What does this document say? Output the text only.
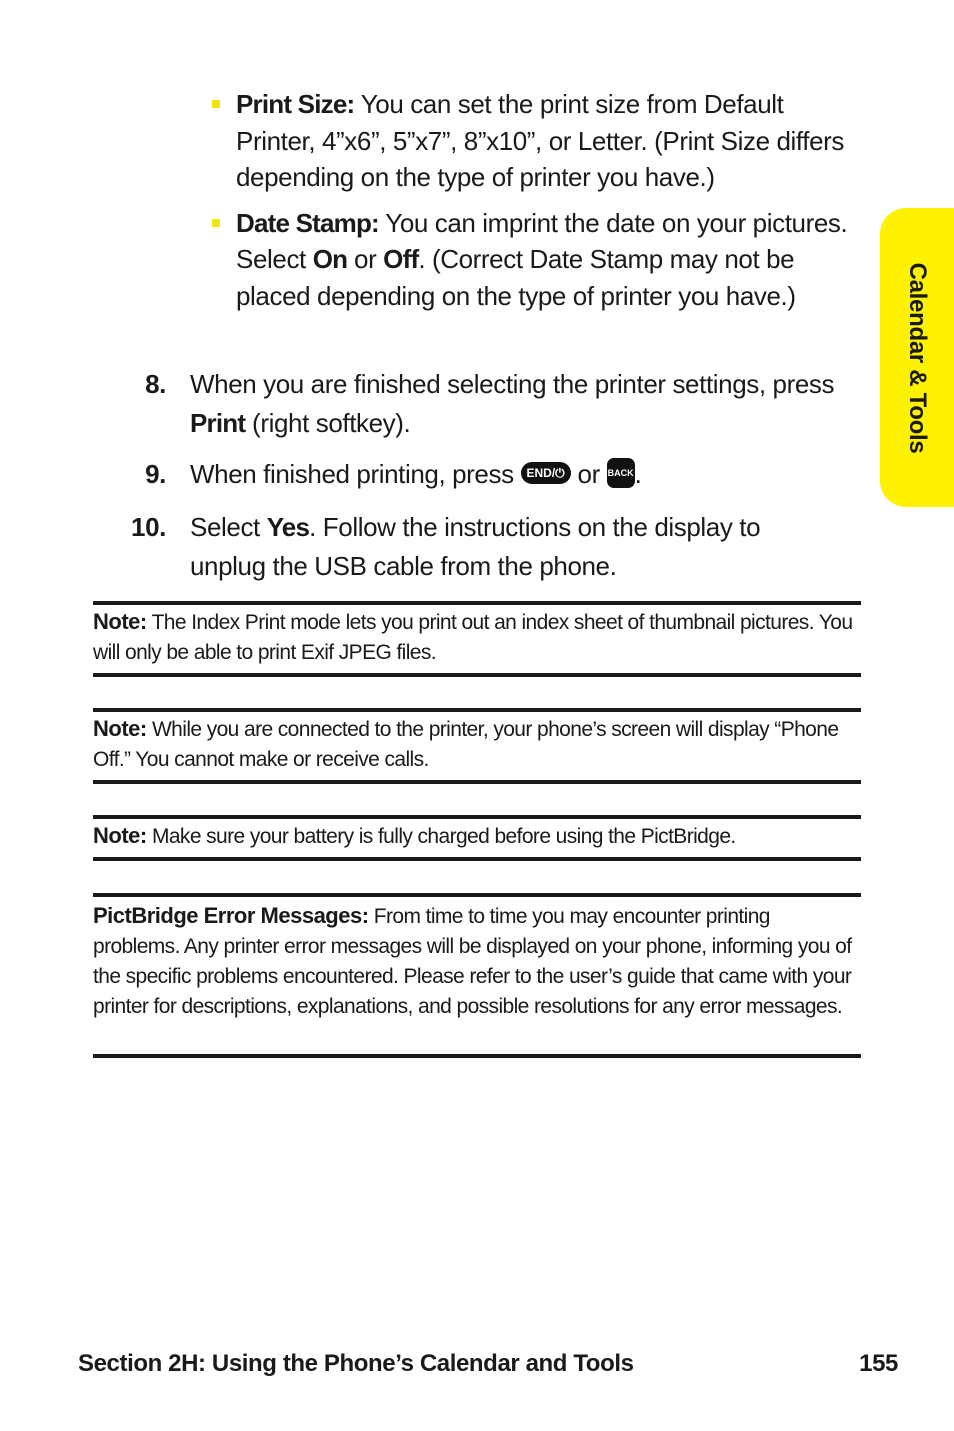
Print Size: You can set the print size from Default Printer, 4”x6”, 5”x7”, 8”x10”, or Letter. (Print Size differs depending on the type of printer you have.)
Date Stamp: You can imprint the date on your pictures. Select On or Off. (Correct Date Stamp may not be placed depending on the type of printer you have.)
8. When you are finished selecting the printer settings, press Print (right softkey).
9. When finished printing, press END/⏻ or BACK.
10. Select Yes. Follow the instructions on the display to unplug the USB cable from the phone.
Note: The Index Print mode lets you print out an index sheet of thumbnail pictures. You will only be able to print Exif JPEG files.
Note: While you are connected to the printer, your phone’s screen will display “Phone Off.” You cannot make or receive calls.
Note: Make sure your battery is fully charged before using the PictBridge.
PictBridge Error Messages: From time to time you may encounter printing problems. Any printer error messages will be displayed on your phone, informing you of the specific problems encountered. Please refer to the user’s guide that came with your printer for descriptions, explanations, and possible resolutions for any error messages.
Calendar & Tools
Section 2H: Using the Phone’s Calendar and Tools	155
